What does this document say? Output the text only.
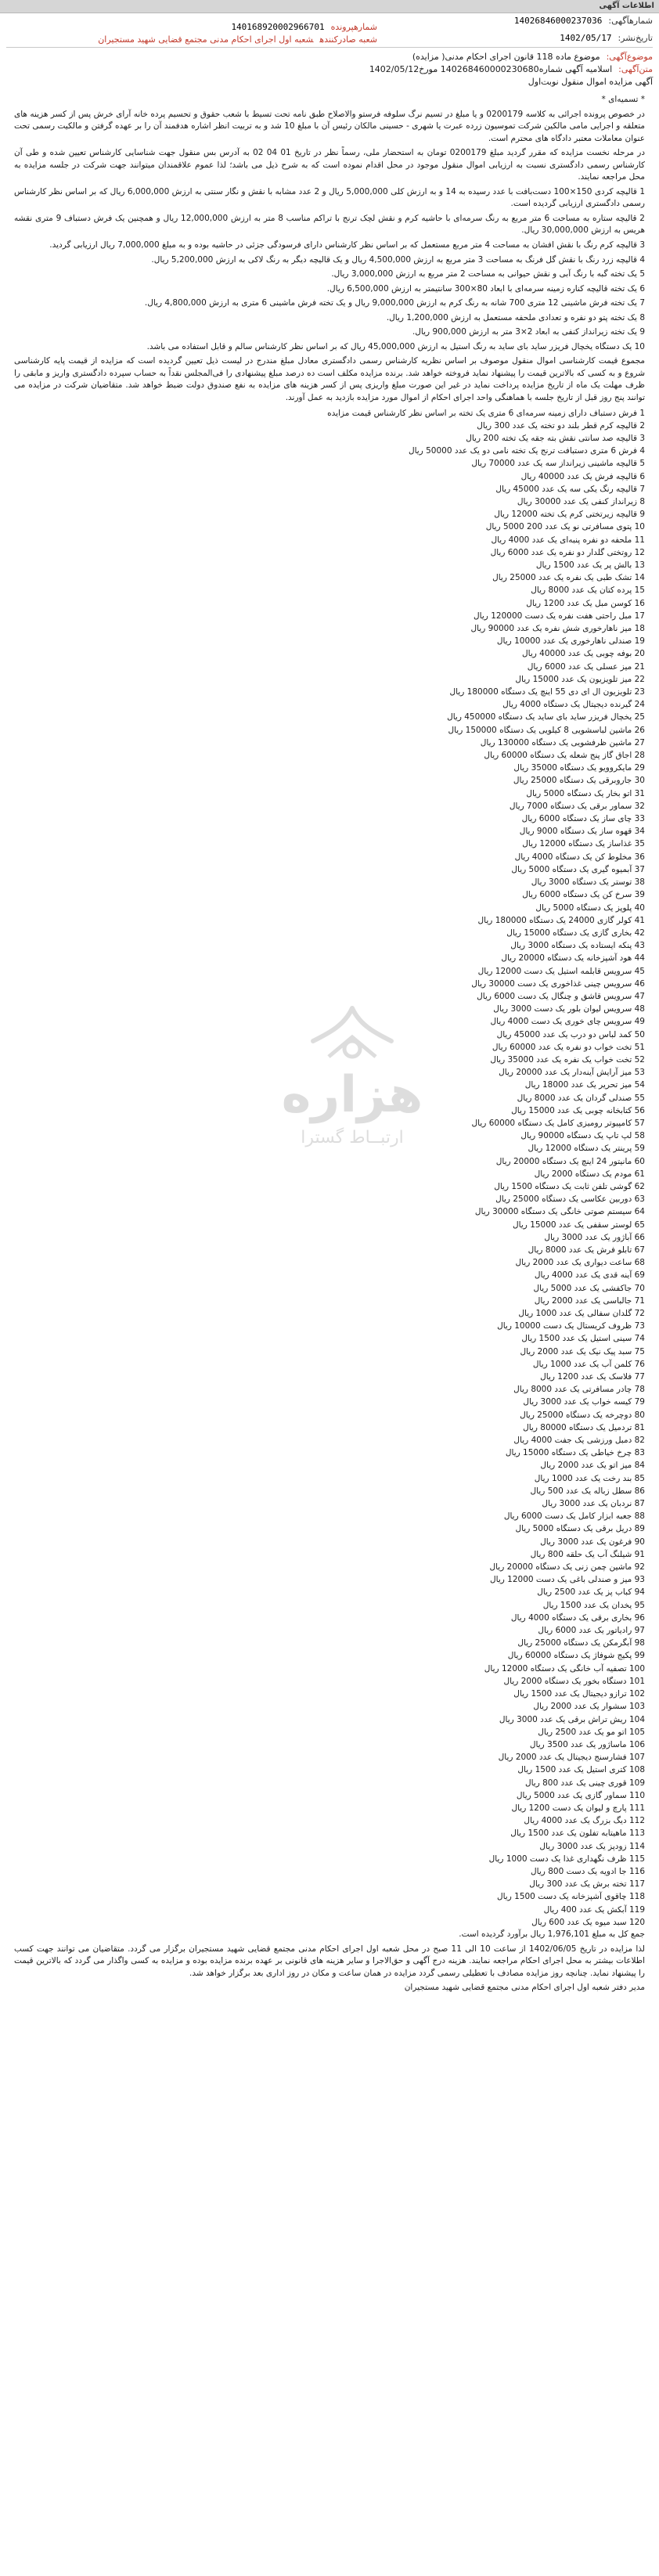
اطلاعات آگهی
شمارهآگهی:14026846000237036
شمارهپرونده140168920002966701
تاریخ‌نشر:1402/05/17
شعبه صادرکنندهشعبه اول اجرای احکام مدنی مجتمع قضایی شهید مستجیران
موضوع‌آگهی:موضوع ماده 118 قانون اجرای احکام مدنی( مزایده)
متن‌آگهی:اسلامیه آگهی شماره140268460000230680 مورخ1402/05/12
آگهی مزایده اموال منقول نوبت‌اول

* تسمیه‌ای *

در خصوص پرونده اجرائی به کلاسه 0200179 و یا مبلغ در تسیم نرگ سلوفه فرستو والاصلاح طبق نامه تحت تسیط با شعب حقوق و تحسیم پرده خانه آرای خرش پس از کسر هزینه های متعلقه و اجرایی مامی مالکین شرکت تموسیون زرده عبرت یا شهری - حسینی مالکان رئیس آن با مبلغ 10 شد و به تربیت انظر اشاره هدفمند آن را بر عهده گرفتن و مالکیت رسمی تحت عنوان معاملات معتبر دادگاه های محترم است.

در مرحله نخست مزایده که مقرر گردید مبلغ 0200179 تومان به استحضار ملی، رسماً نظر در تاریخ 01 04 02 به آدرس بس منقول جهت شناسایی کارشناس تعیین شده و طی آن کارشناس رسمی دادگستری نسبت به ارزیابی اموال منقول موجود در محل اقدام نموده است که به شرح ذیل می باشد؛ لذا عموم علاقمندان میتوانند جهت شرکت در جلسه مزایده به محل مراجعه نمایند.

1 قالیچه کردی 150×100 دست‌بافت با عدد رسیده به 14 و به ارزش کلی 5,000,000 ریال و 2 عدد مشابه با نقش و نگار سنتی به ارزش 6,000,000 ریال که بر اساس نظر کارشناس رسمی دادگستری ارزیابی گردیده است.

2 قالیچه ستاره به مساحت 6 متر مربع به رنگ سرمه‌ای با حاشیه کرم و نقش لچک ترنج با تراکم مناسب 8 متر به ارزش 12,000,000 ریال و همچنین یک فرش دستباف 9 متری نقشه هریس به ارزش 30,000,000 ریال.

3 قالیچه کرم رنگ با نقش افشان به مساحت 4 متر مربع مستعمل که بر اساس نظر کارشناس دارای فرسودگی جزئی در حاشیه بوده و به مبلغ 7,000,000 ریال ارزیابی گردید.

4 قالیچه زرد رنگ با نقش گل فرنگ به مساحت 3 متر مربع به ارزش 4,500,000 ریال و یک قالیچه دیگر به رنگ لاکی به ارزش 5,200,000 ریال.

5 یک تخته گبه با رنگ آبی و نقش حیوانی به مساحت 2 متر مربع به ارزش 3,000,000 ریال.

6 یک تخته قالیچه کناره زمینه سرمه‌ای با ابعاد 80×300 سانتیمتر به ارزش 6,500,000 ریال.

7 یک تخته فرش ماشینی 12 متری 700 شانه به رنگ کرم به ارزش 9,000,000 ریال و یک تخته فرش ماشینی 6 متری به ارزش 4,800,000 ریال.

8 یک تخته پتو دو نفره و تعدادی ملحفه مستعمل به ارزش 1,200,000 ریال.

9 یک تخته زیرانداز کنفی به ابعاد 2×3 متر به ارزش 900,000 ریال.

10 یک دستگاه یخچال فریزر ساید بای ساید به رنگ استیل به ارزش 45,000,000 ریال که بر اساس نظر کارشناس سالم و قابل استفاده می باشد.

مجموع قیمت کارشناسی اموال منقول موصوف بر اساس نظریه کارشناس رسمی دادگستری معادل مبلغ مندرج در لیست ذیل تعیین گردیده است که مزایده از قیمت پایه کارشناسی شروع و به کسی که بالاترین قیمت را پیشنهاد نماید فروخته خواهد شد. برنده مزایده مکلف است ده درصد مبلغ پیشنهادی را فی‌المجلس نقداً به حساب سپرده دادگستری واریز و مابقی را ظرف مهلت یک ماه از تاریخ مزایده پرداخت نماید در غیر این صورت مبلغ واریزی پس از کسر هزینه های مزایده به نفع صندوق دولت ضبط خواهد شد. متقاضیان شرکت در مزایده می توانند پنج روز قبل از تاریخ جلسه با هماهنگی واحد اجرای احکام از اموال مورد مزایده بازدید به عمل آورند.

1 فرش دستباف دارای زمینه سرمه‌ای 6 متری یک تخته بر اساس نظر کارشناس قیمت مزایده

2 قالیچه کرم قطر بلند دو تخته یک عدد 300 ریال

3 قالیچه صد سانتی نقش بته جقه یک تخته 200 ریال

4 فرش 6 متری دستبافت ترنج یک تخته نامی دو یک عدد 50000 ریال

5 قالیچه ماشینی زیرانداز سه یک عدد 70000 ریال

6 قالیچه فرش یک عدد 40000 ریال

7 قالیچه رنگ یکی سه یک عدد 45000 ریال

8 زیرانداز کنفی یک عدد 30000 ریال

9 قالیچه زیرتختی کرم یک تخته 12000 ریال

10 پتوی مسافرتی نو یک عدد 200 5000 ریال

11 ملحفه دو نفره پنبه‌ای یک عدد 4000 ریال

12 روتختی گلدار دو نفره یک عدد 6000 ریال

13 بالش پر یک عدد 1500 ریال

14 تشک طبی یک نفره یک عدد 25000 ریال

15 پرده کتان یک عدد 8000 ریال

16 کوسن مبل یک عدد 1200 ریال

17 مبل راحتی هفت نفره یک دست 120000 ریال

18 میز ناهارخوری شش نفره یک عدد 90000 ریال

19 صندلی ناهارخوری یک عدد 10000 ریال

20 بوفه چوبی یک عدد 40000 ریال

21 میز عسلی یک عدد 6000 ریال

22 میز تلویزیون یک عدد 15000 ریال

23 تلویزیون ال ای دی 55 اینچ یک دستگاه 180000 ریال

24 گیرنده دیجیتال یک دستگاه 4000 ریال

25 یخچال فریزر ساید بای ساید یک دستگاه 450000 ریال

26 ماشین لباسشویی 8 کیلویی یک دستگاه 150000 ریال

27 ماشین ظرفشویی یک دستگاه 130000 ریال

28 اجاق گاز پنج شعله یک دستگاه 60000 ریال

29 مایکروویو یک دستگاه 35000 ریال

30 جاروبرقی یک دستگاه 25000 ریال

31 اتو بخار یک دستگاه 5000 ریال

32 سماور برقی یک دستگاه 7000 ریال

33 چای ساز یک دستگاه 6000 ریال

34 قهوه ساز یک دستگاه 9000 ریال

35 غذاساز یک دستگاه 12000 ریال

36 مخلوط کن یک دستگاه 4000 ریال

37 آبمیوه گیری یک دستگاه 5000 ریال

38 توستر یک دستگاه 3000 ریال

39 سرخ کن یک دستگاه 6000 ریال

40 پلوپز یک دستگاه 5000 ریال

41 کولر گازی 24000 یک دستگاه 180000 ریال

42 بخاری گازی یک دستگاه 15000 ریال

43 پنکه ایستاده یک دستگاه 3000 ریال

44 هود آشپزخانه یک دستگاه 20000 ریال

45 سرویس قابلمه استیل یک دست 12000 ریال

46 سرویس چینی غذاخوری یک دست 30000 ریال

47 سرویس قاشق و چنگال یک دست 6000 ریال

48 سرویس لیوان بلور یک دست 3000 ریال

49 سرویس چای خوری یک دست 4000 ریال

50 کمد لباس دو درب یک عدد 45000 ریال

51 تخت خواب دو نفره یک عدد 60000 ریال

52 تخت خواب یک نفره یک عدد 35000 ریال

53 میز آرایش آینه‌دار یک عدد 20000 ریال

54 میز تحریر یک عدد 18000 ریال

55 صندلی گردان یک عدد 8000 ریال

56 کتابخانه چوبی یک عدد 15000 ریال

57 کامپیوتر رومیزی کامل یک دستگاه 60000 ریال

58 لپ تاپ یک دستگاه 90000 ریال

59 پرینتر یک دستگاه 12000 ریال

60 مانیتور 24 اینچ یک دستگاه 20000 ریال

61 مودم یک دستگاه 2000 ریال

62 گوشی تلفن ثابت یک دستگاه 1500 ریال

63 دوربین عکاسی یک دستگاه 25000 ریال

64 سیستم صوتی خانگی یک دستگاه 30000 ریال

65 لوستر سقفی یک عدد 15000 ریال

66 آباژور یک عدد 3000 ریال

67 تابلو فرش یک عدد 8000 ریال

68 ساعت دیواری یک عدد 2000 ریال

69 آینه قدی یک عدد 4000 ریال

70 جاکفشی یک عدد 5000 ریال

71 جالباسی یک عدد 2000 ریال

72 گلدان سفالی یک عدد 1000 ریال

73 ظروف کریستال یک دست 10000 ریال

74 سینی استیل یک عدد 1500 ریال

75 سبد پیک نیک یک عدد 2000 ریال

76 کلمن آب یک عدد 1000 ریال

77 فلاسک یک عدد 1200 ریال

78 چادر مسافرتی یک عدد 8000 ریال

79 کیسه خواب یک عدد 3000 ریال

80 دوچرخه یک دستگاه 25000 ریال

81 تردمیل یک دستگاه 80000 ریال

82 دمبل ورزشی یک جفت 4000 ریال

83 چرخ خیاطی یک دستگاه 15000 ریال

84 میز اتو یک عدد 2000 ریال

85 بند رخت یک عدد 1000 ریال

86 سطل زباله یک عدد 500 ریال

87 نردبان یک عدد 3000 ریال

88 جعبه ابزار کامل یک دست 6000 ریال

89 دریل برقی یک دستگاه 5000 ریال

90 فرغون یک عدد 3000 ریال

91 شیلنگ آب یک حلقه 800 ریال

92 ماشین چمن زنی یک دستگاه 20000 ریال

93 میز و صندلی باغی یک دست 12000 ریال

94 کباب پز یک عدد 2500 ریال

95 یخدان یک عدد 1500 ریال

96 بخاری برقی یک دستگاه 4000 ریال

97 رادیاتور یک عدد 6000 ریال

98 آبگرمکن یک دستگاه 25000 ریال

99 پکیج شوفاژ یک دستگاه 60000 ریال

100 تصفیه آب خانگی یک دستگاه 12000 ریال

101 دستگاه بخور یک دستگاه 2000 ریال

102 ترازو دیجیتال یک عدد 1500 ریال

103 سشوار یک عدد 2000 ریال

104 ریش تراش برقی یک عدد 3000 ریال

105 اتو مو یک عدد 2500 ریال

106 ماساژور یک عدد 3500 ریال

107 فشارسنج دیجیتال یک عدد 2000 ریال

108 کتری استیل یک عدد 1500 ریال

109 قوری چینی یک عدد 800 ریال

110 سماور گازی یک عدد 5000 ریال

111 پارچ و لیوان یک دست 1200 ریال

112 دیگ بزرگ یک عدد 4000 ریال

113 ماهیتابه تفلون یک عدد 1500 ریال

114 زودپز یک عدد 3000 ریال

115 ظرف نگهداری غذا یک دست 1000 ریال

116 جا ادویه یک دست 800 ریال

117 تخته برش یک عدد 300 ریال

118 چاقوی آشپزخانه یک دست 1500 ریال

119 آبکش یک عدد 400 ریال

120 سبد میوه یک عدد 600 ریال

جمع کل به مبلغ 1,976,101 ریال برآورد گردیده است.

لذا مزایده در تاریخ 1402/06/05 از ساعت 10 الی 11 صبح در محل شعبه اول اجرای احکام مدنی مجتمع قضایی شهید مستجیران برگزار می گردد. متقاضیان می توانند جهت کسب اطلاعات بیشتر به محل اجرای احکام مراجعه نمایند. هزینه درج آگهی و حق‌الاجرا و سایر هزینه های قانونی بر عهده برنده مزایده بوده و مزایده به کسی واگذار می گردد که بالاترین قیمت را پیشنهاد نماید. چنانچه روز مزایده مصادف با تعطیلی رسمی گردد مزایده در همان ساعت و مکان در روز اداری بعد برگزار خواهد شد.

مدیر دفتر شعبه اول اجرای احکام مدنی مجتمع قضایی شهید مستجیران

هزاره
ارتبــاط گسترا
